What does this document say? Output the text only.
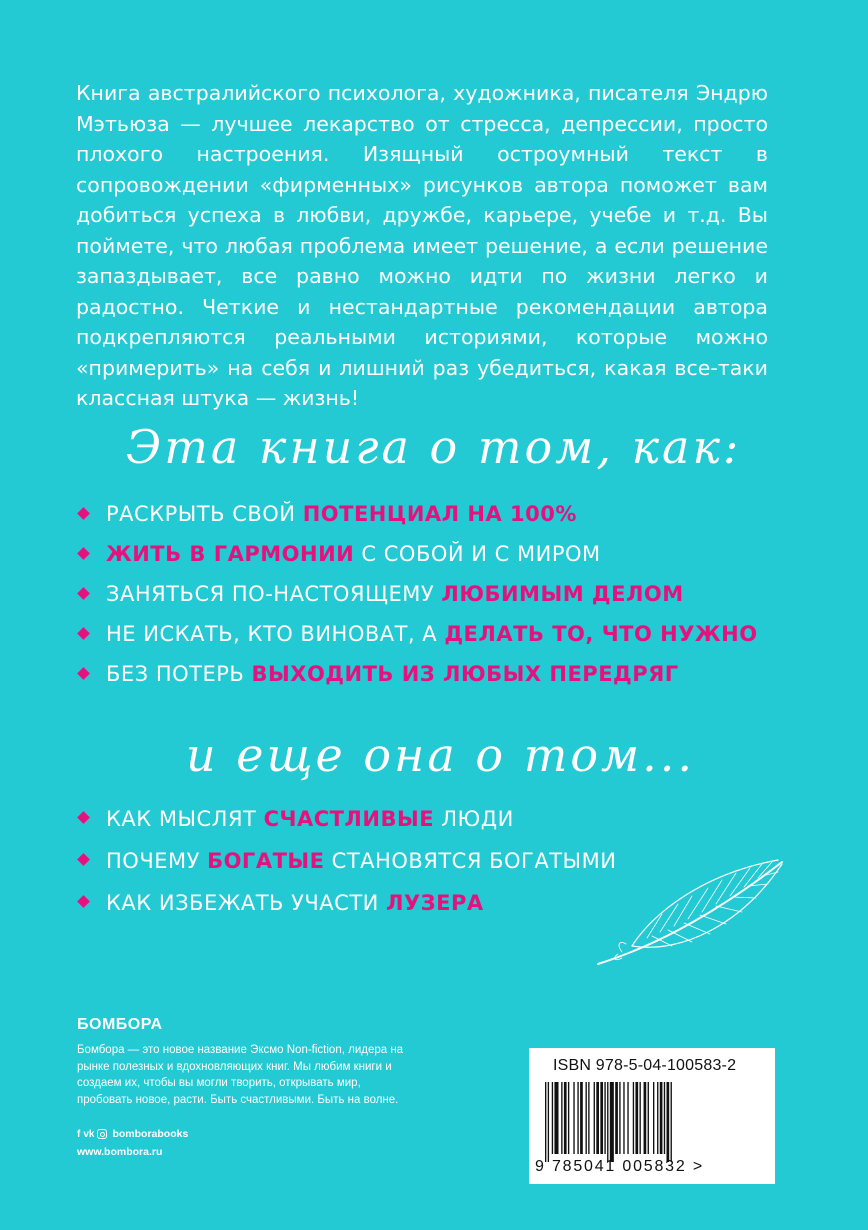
Книга австралийского психолога, художника, писателя Эндрю Мэтьюза — лучшее лекарство от стресса, депрессии, просто плохого настроения. Изящный остроумный текст в сопровождении «фирменных» рисунков автора поможет вам добиться успеха в любви, дружбе, карьере, учебе и т.д. Вы поймете, что любая проблема имеет решение, а если решение запаздывает, все равно можно идти по жизни легко и радостно. Четкие и нестандартные рекомендации автора подкрепляются реальными историями, которые можно «примерить» на себя и лишний раз убедиться, какая все-таки классная штука — жизнь!

Эта книга о том, как:
РАСКРЫТЬ СВОЙ ПОТЕНЦИАЛ НА 100%
ЖИТЬ В ГАРМОНИИ С СОБОЙ И С МИРОМ
ЗАНЯТЬСЯ ПО-НАСТОЯЩЕМУ ЛЮБИМЫМ ДЕЛОМ
НЕ ИСКАТЬ, КТО ВИНОВАТ, А ДЕЛАТЬ ТО, ЧТО НУЖНО
БЕЗ ПОТЕРЬ ВЫХОДИТЬ ИЗ ЛЮБЫХ ПЕРЕДРЯГ
и еще она о том...
КАК МЫСЛЯТ СЧАСТЛИВЫЕ ЛЮДИ
ПОЧЕМУ БОГАТЫЕ СТАНОВЯТСЯ БОГАТЫМИ
КАК ИЗБЕЖАТЬ УЧАСТИ ЛУЗЕРА
БОМБОРА

Бомбора — это новое название Эксмо Non-fiction, лидера на рынке полезных и вдохновляющих книг. Мы любим книги и создаем их, чтобы вы могли творить, открывать мир, пробовать новое, расти. Быть счастливыми. Быть на волне.

f vk bomborabooks
www.bombora.ru
ISBN 978-5-04-100583-2
9 785041 005832 >
